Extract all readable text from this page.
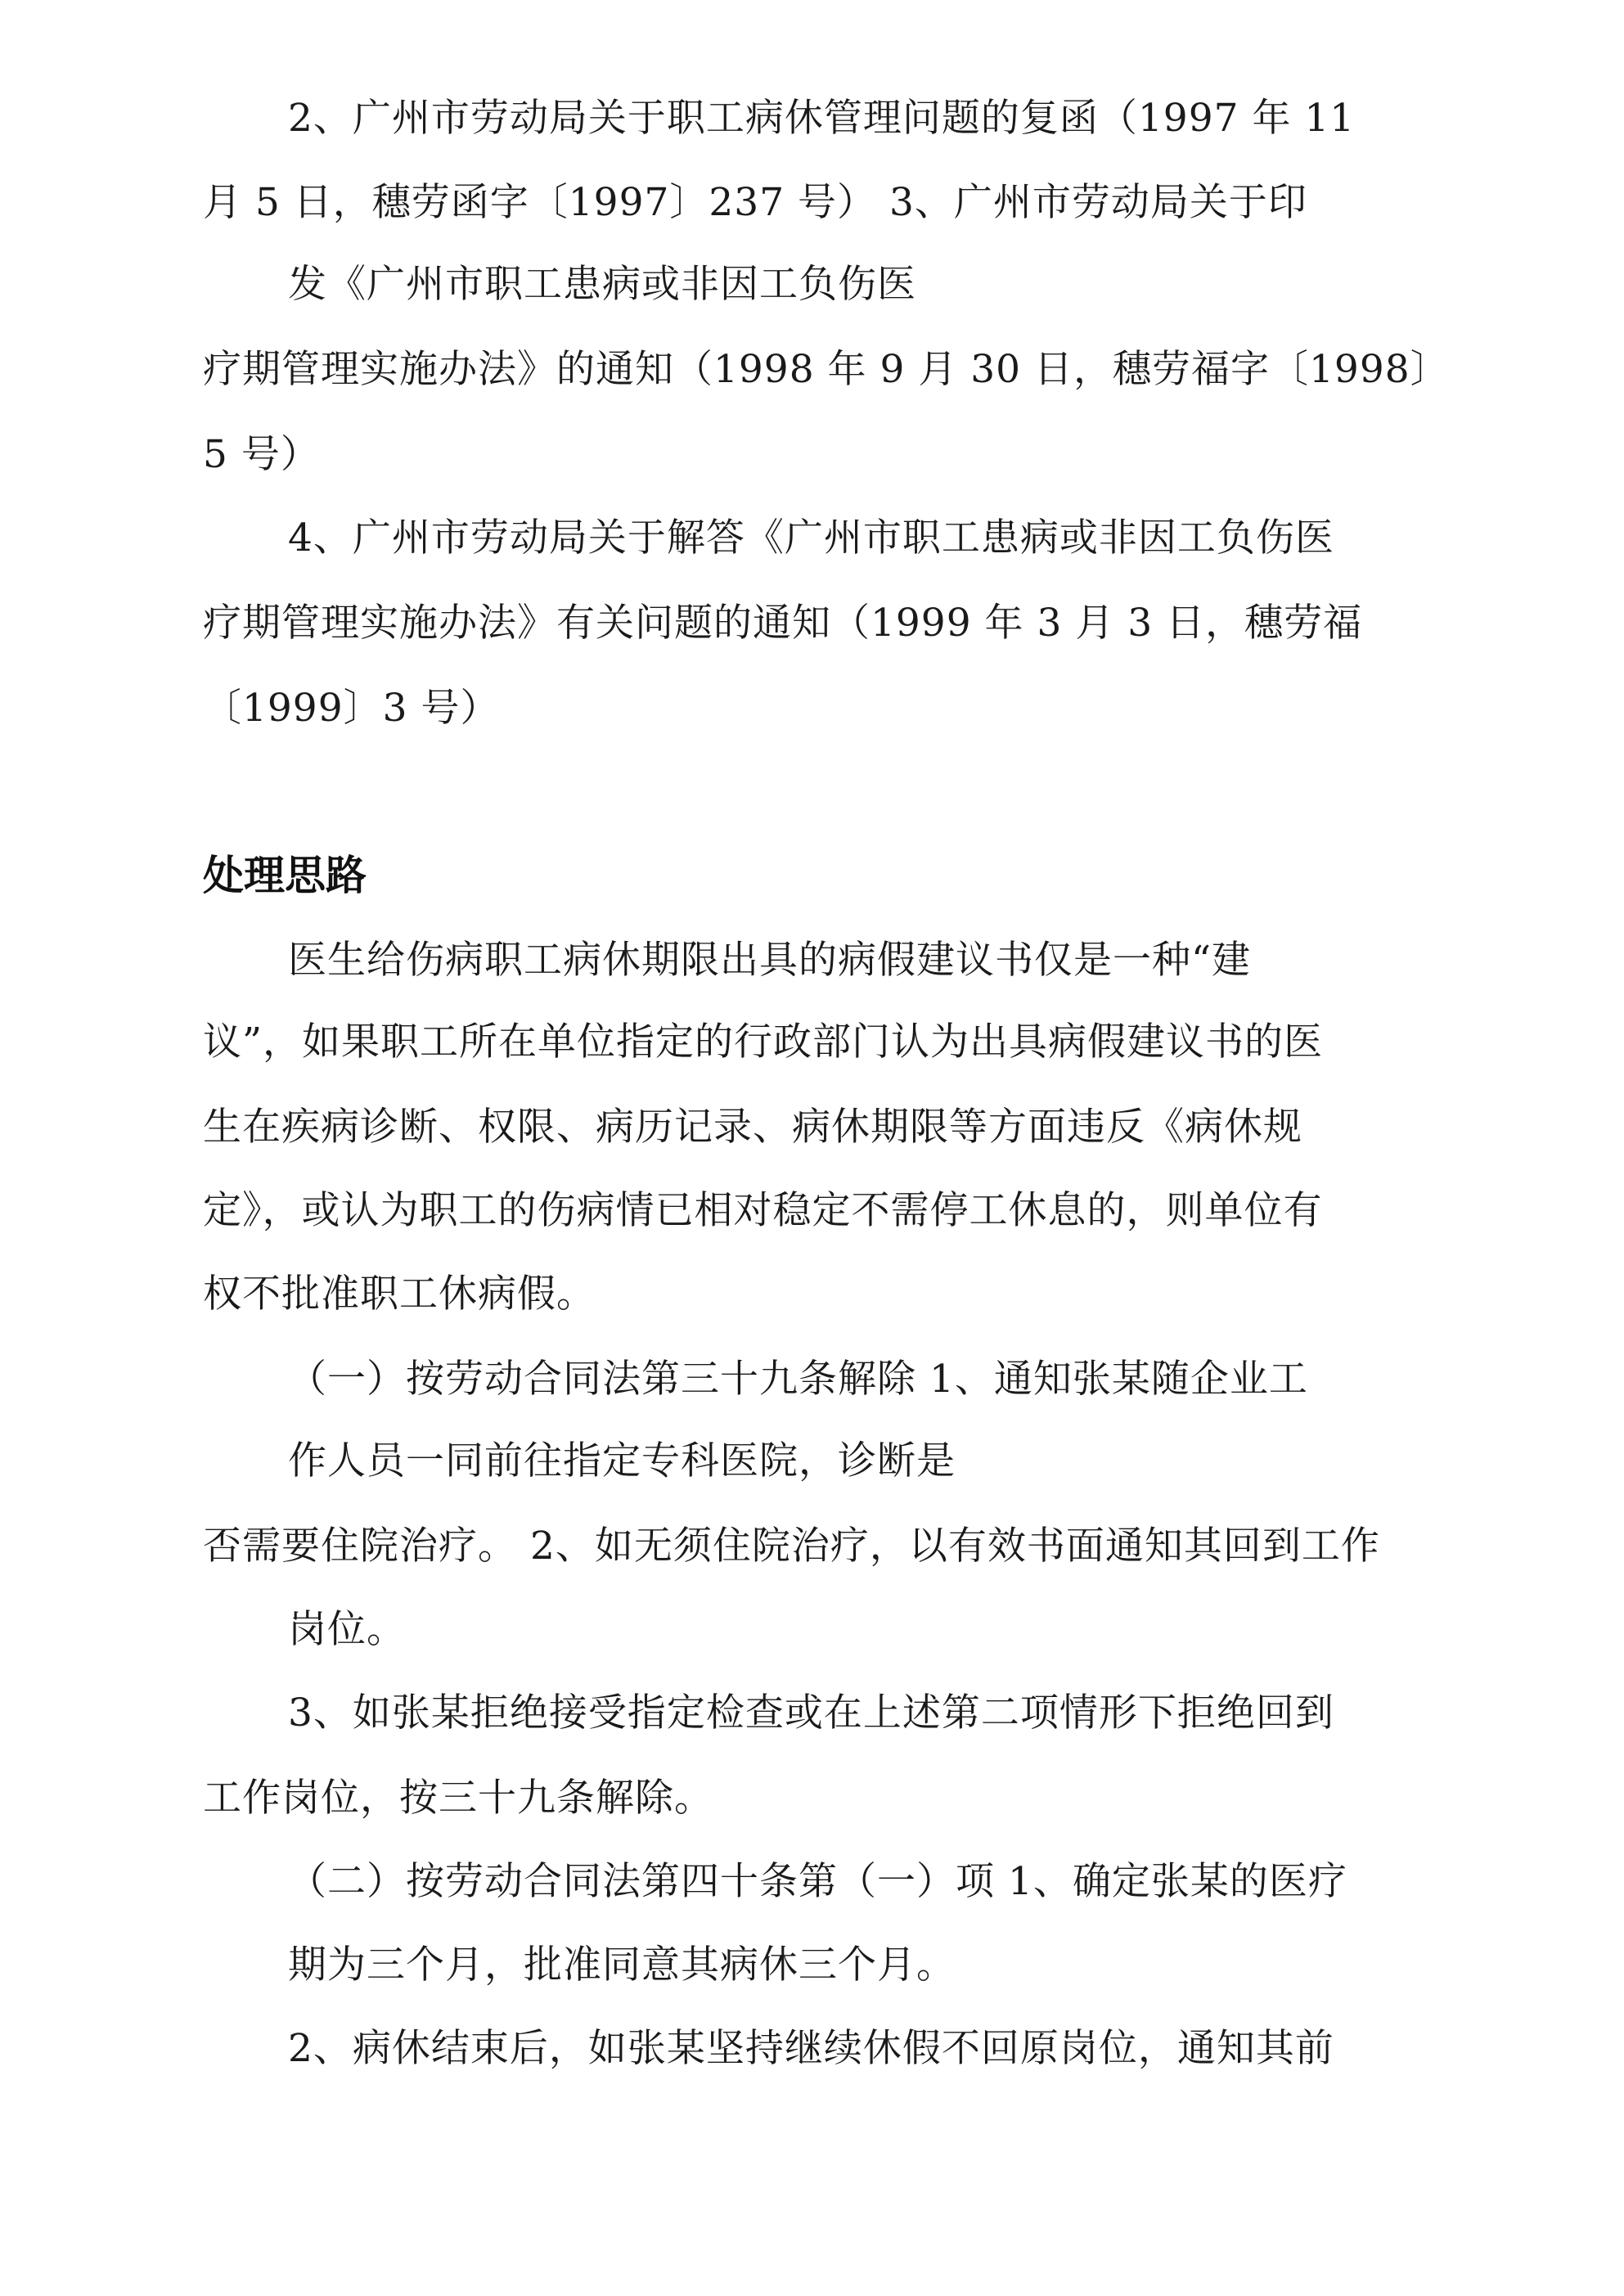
2、广州市劳动局关于职工病休管理问题的复函（1997 年 11
月 5 日，穗劳函字〔1997〕237 号） 3、广州市劳动局关于印
发《广州市职工患病或非因工负伤医
疗期管理实施办法》的通知（1998 年 9 月 30 日，穗劳福字〔1998〕
5 号）
4、广州市劳动局关于解答《广州市职工患病或非因工负伤医
疗期管理实施办法》有关问题的通知（1999 年 3 月 3 日，穗劳福
〔1999〕3 号）
处理思路
医生给伤病职工病休期限出具的病假建议书仅是一种“建
议”，如果职工所在单位指定的行政部门认为出具病假建议书的医
生在疾病诊断、权限、病历记录、病休期限等方面违反《病休规
定》，或认为职工的伤病情已相对稳定不需停工休息的，则单位有
权不批准职工休病假。
（一）按劳动合同法第三十九条解除 1、通知张某随企业工
作人员一同前往指定专科医院，诊断是
否需要住院治疗。 2、如无须住院治疗，以有效书面通知其回到工作
岗位。
3、如张某拒绝接受指定检查或在上述第二项情形下拒绝回到
工作岗位，按三十九条解除。
（二）按劳动合同法第四十条第（一）项 1、确定张某的医疗
期为三个月，批准同意其病休三个月。
2、病休结束后，如张某坚持继续休假不回原岗位，通知其前
